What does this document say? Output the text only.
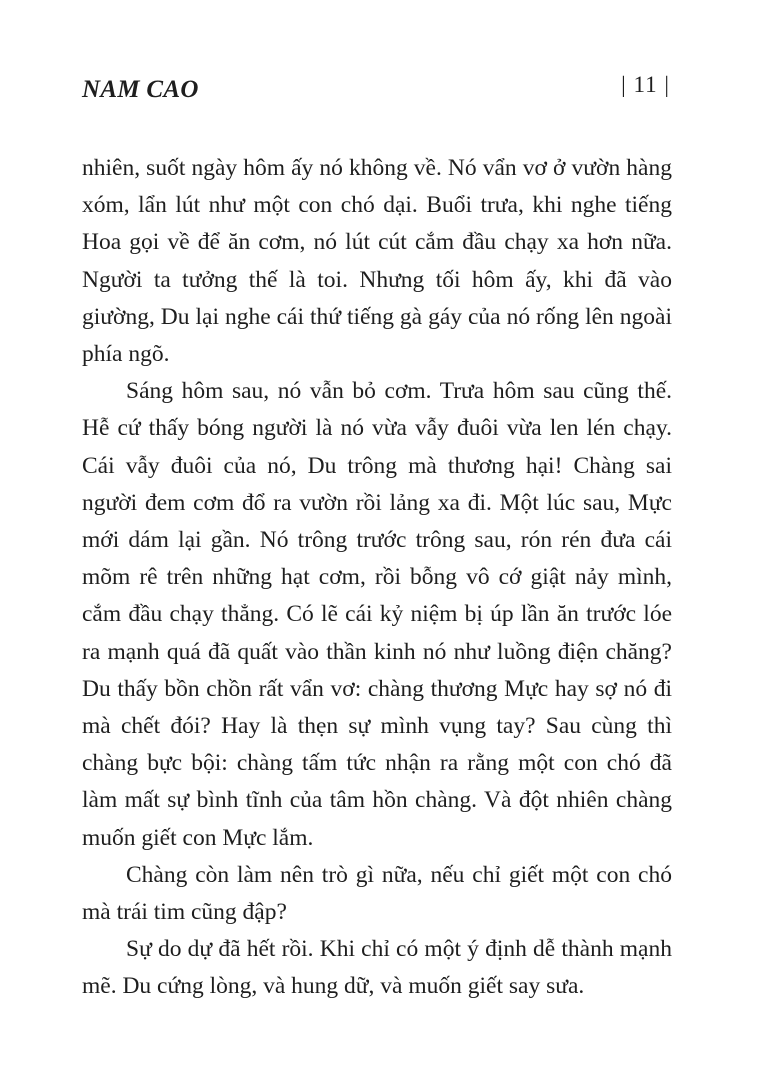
NAM CAO	| 11 |

nhiên, suốt ngày hôm ấy nó không về. Nó vẩn vơ ở vườn hàng xóm, lẩn lút như một con chó dại. Buổi trưa, khi nghe tiếng Hoa gọi về để ăn cơm, nó lút cút cắm đầu chạy xa hơn nữa. Người ta tưởng thế là toi. Nhưng tối hôm ấy, khi đã vào giường, Du lại nghe cái thứ tiếng gà gáy của nó rống lên ngoài phía ngõ.

Sáng hôm sau, nó vẫn bỏ cơm. Trưa hôm sau cũng thế. Hễ cứ thấy bóng người là nó vừa vẫy đuôi vừa len lén chạy. Cái vẫy đuôi của nó, Du trông mà thương hại! Chàng sai người đem cơm đổ ra vườn rồi lảng xa đi. Một lúc sau, Mực mới dám lại gần. Nó trông trước trông sau, rón rén đưa cái mõm rê trên những hạt cơm, rồi bỗng vô cớ giật nảy mình, cắm đầu chạy thẳng. Có lẽ cái kỷ niệm bị úp lần ăn trước lóe ra mạnh quá đã quất vào thần kinh nó như luồng điện chăng? Du thấy bồn chồn rất vẩn vơ: chàng thương Mực hay sợ nó đi mà chết đói? Hay là thẹn sự mình vụng tay? Sau cùng thì chàng bực bội: chàng tấm tức nhận ra rằng một con chó đã làm mất sự bình tĩnh của tâm hồn chàng. Và đột nhiên chàng muốn giết con Mực lắm.

Chàng còn làm nên trò gì nữa, nếu chỉ giết một con chó mà trái tim cũng đập?

Sự do dự đã hết rồi. Khi chỉ có một ý định dễ thành mạnh mẽ. Du cứng lòng, và hung dữ, và muốn giết say sưa.
